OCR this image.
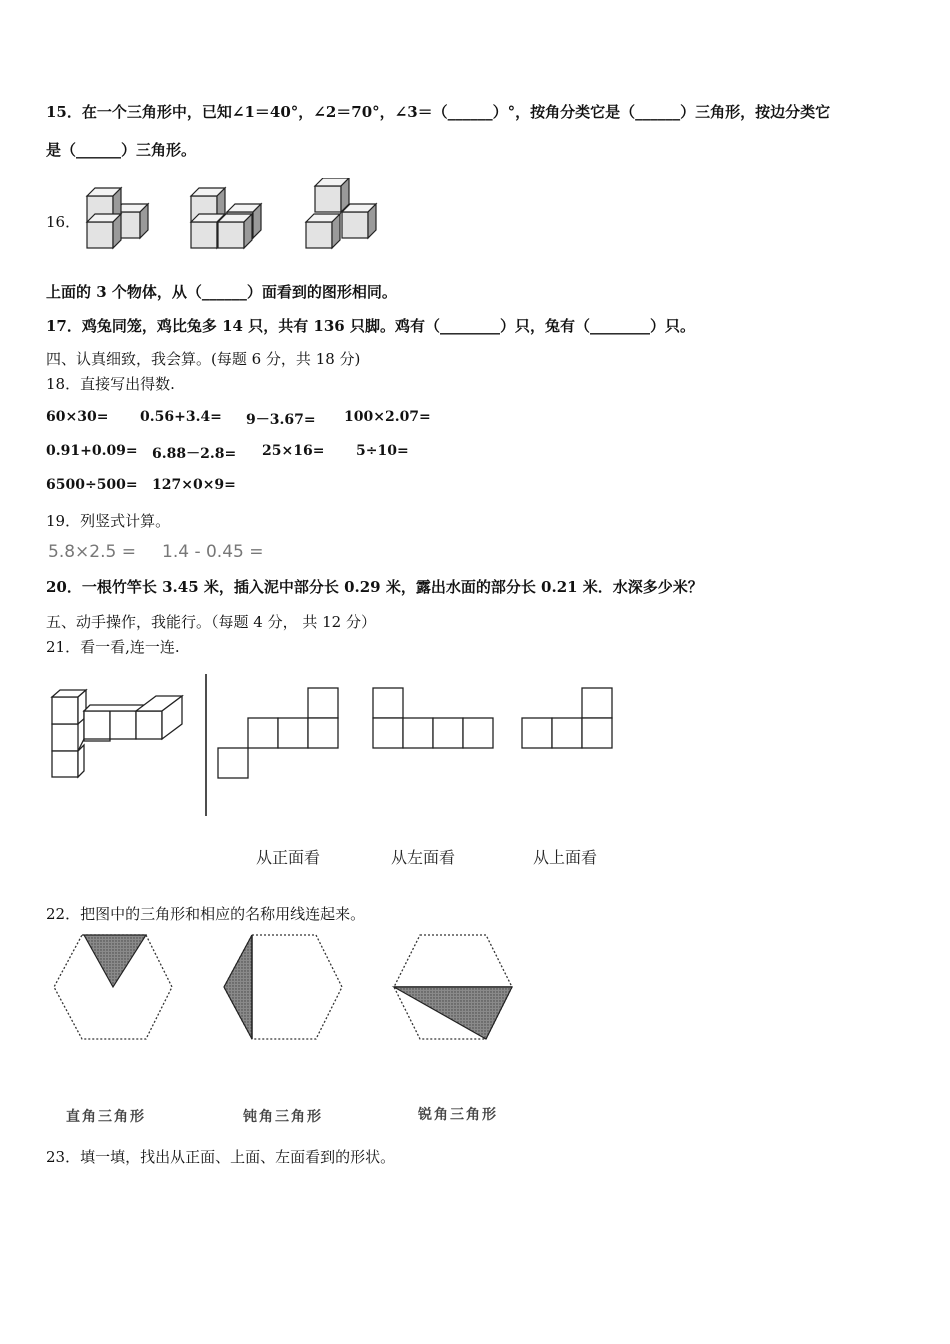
15．在一个三角形中，已知∠1＝40°，∠2＝70°，∠3＝（______）°，按角分类它是（______）三角形，按边分类它
是（______）三角形。
16．
上面的 3 个物体，从（______）面看到的图形相同。
17．鸡兔同笼，鸡比兔多 14 只，共有 136 只脚。鸡有（________）只，兔有（________）只。
四、认真细致，我会算。(每题 6 分，共 18 分)
18．直接写出得数.
60×30= 0.56+3.4= 9－3.67= 100×2.07=
0.91+0.09= 6.88－2.8= 25×16= 5÷10=
6500÷500= 127×0×9=
19．列竖式计算。
5.8×2.5 = 1.4 - 0.45 =
20．一根竹竿长 3.45 米，插入泥中部分长 0.29 米，露出水面的部分长 0.21 米．水深多少米？
五、动手操作，我能行。（每题 4 分， 共 12 分）
21．看一看,连一连.
从正面看	从左面看	从上面看
22．把图中的三角形和相应的名称用线连起来。
直角三角形	钝角三角形	锐角三角形
23．填一填，找出从正面、上面、左面看到的形状。
